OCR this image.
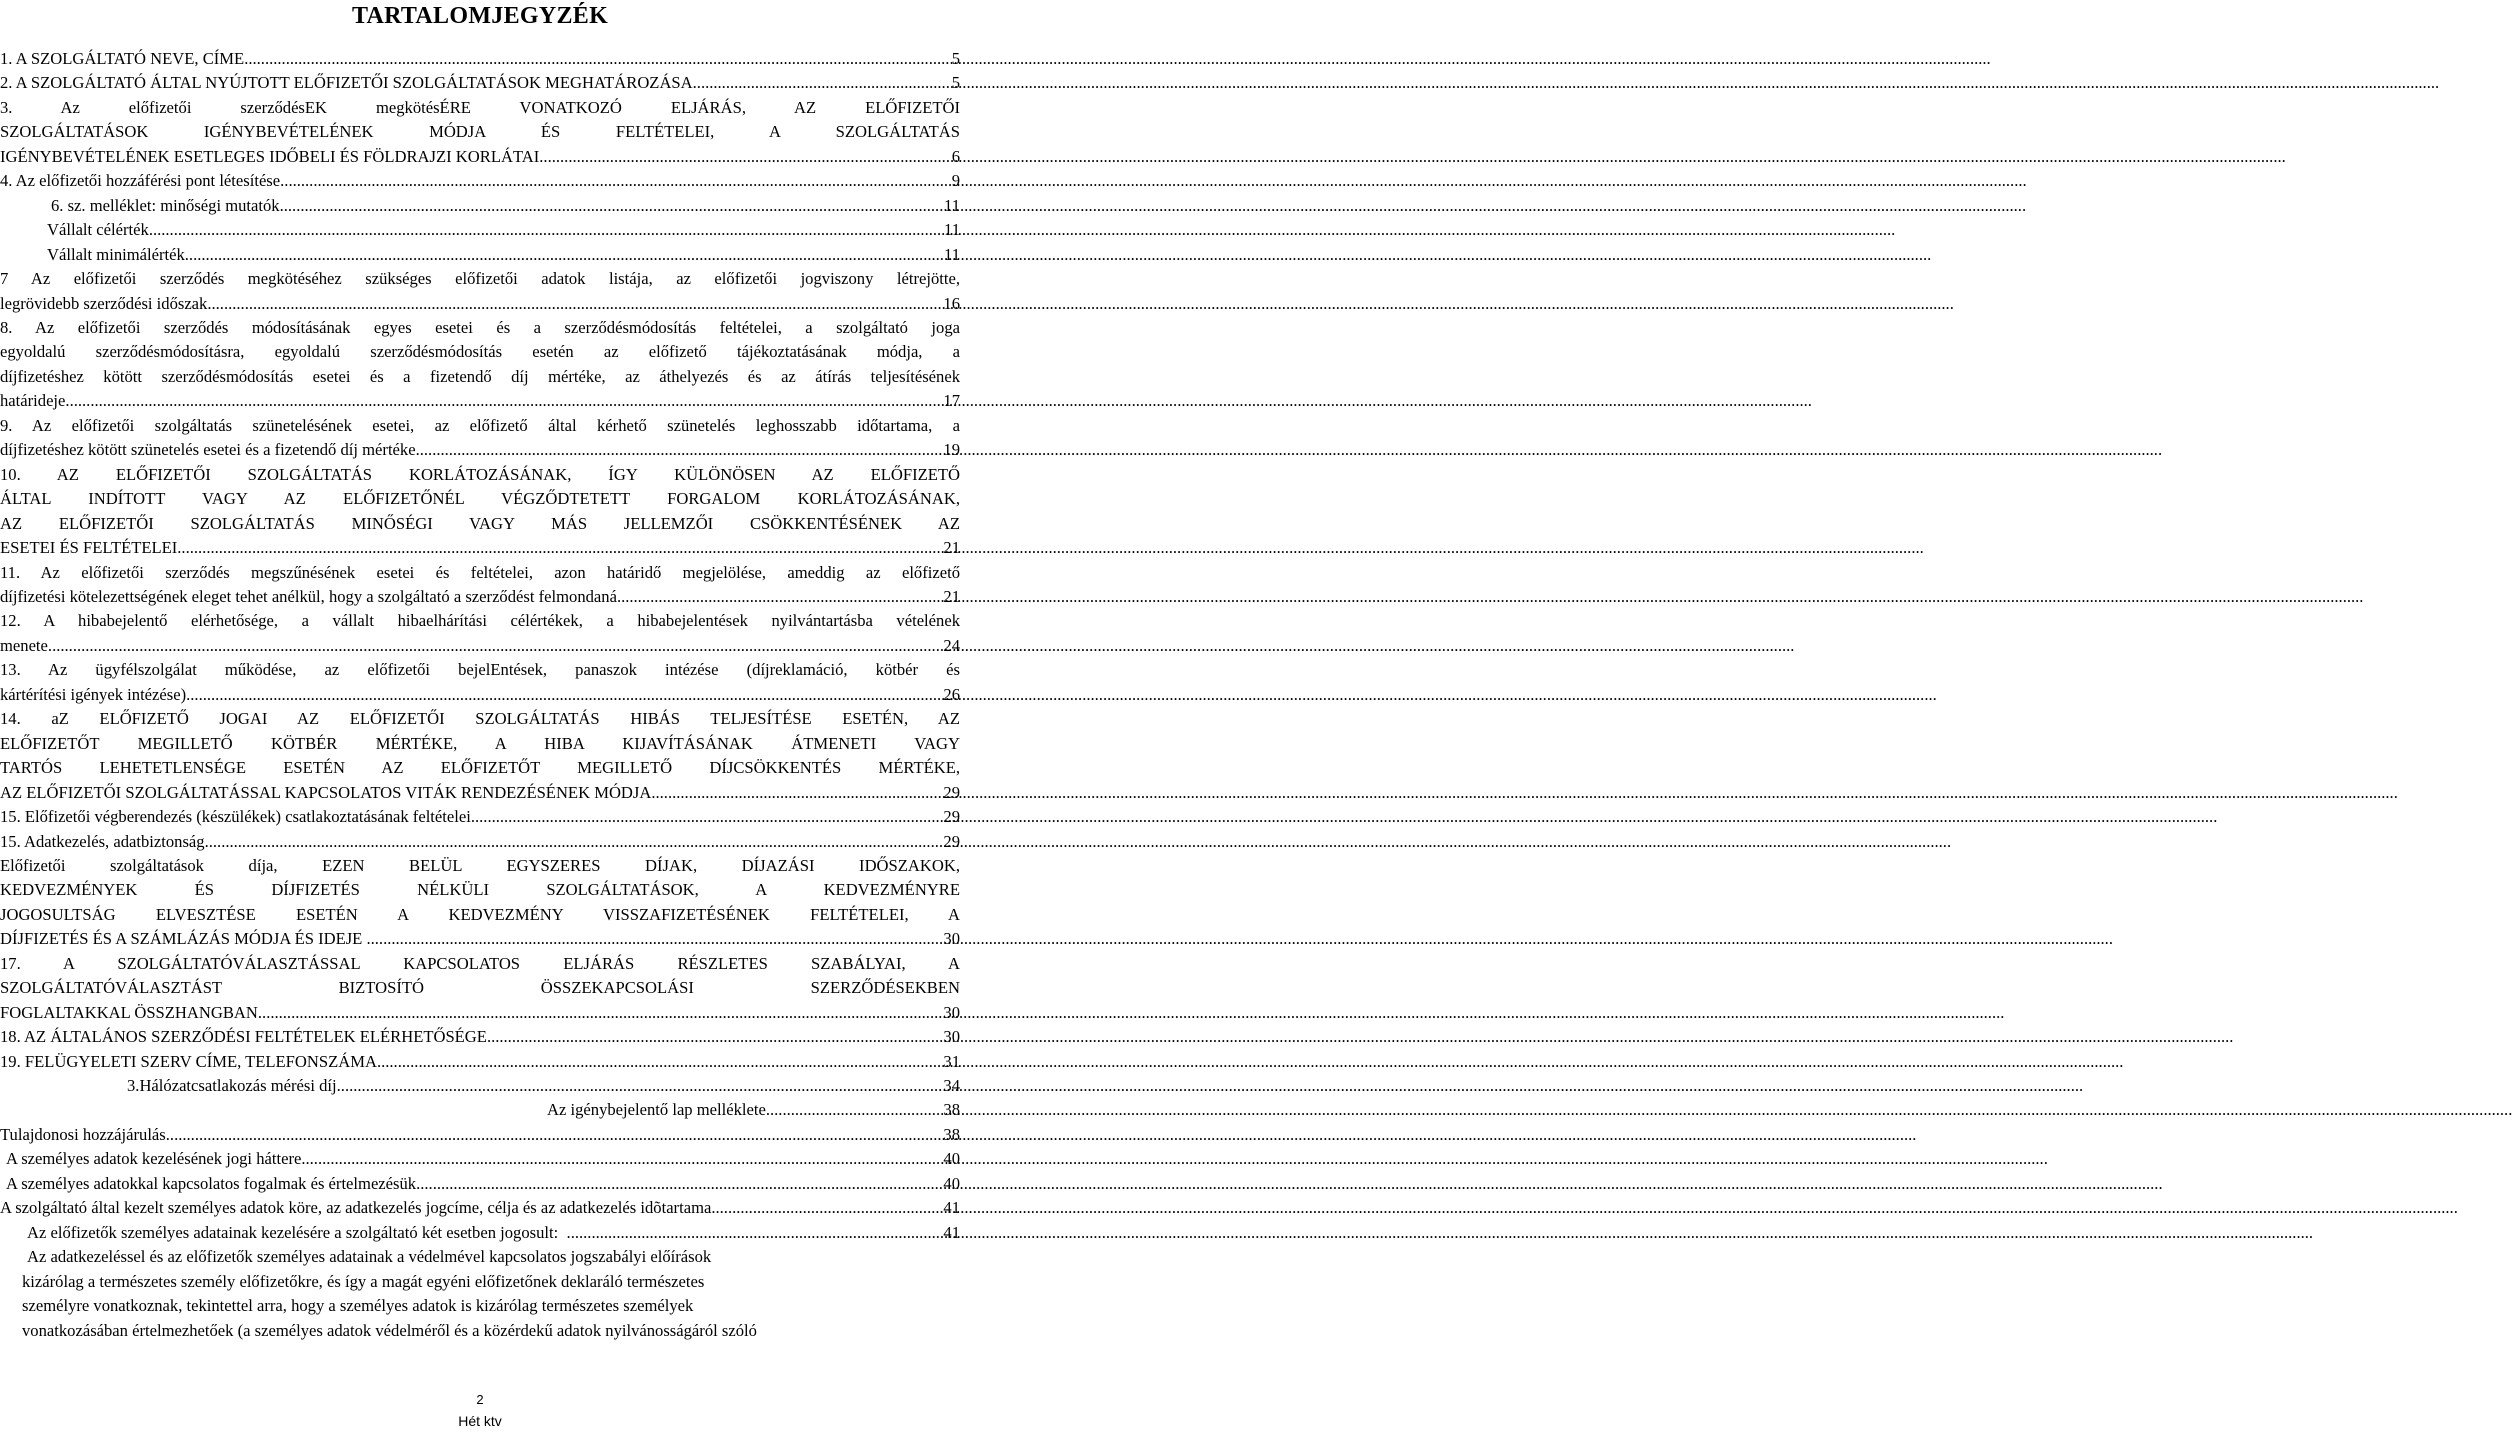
TARTALOMJEGYZÉK
1. A SZOLGÁLTATÓ NEVE, CÍME .....	5
2. A SZOLGÁLTATÓ ÁLTAL NYÚJTOTT ELŐFIZETŐI SZOLGÁLTATÁSOK MEGHATÁROZÁSA .....	5
3. Az előfizetői szerződésEK megkötésÉRE VONATKOZÓ ELJÁRÁS, AZ ELŐFIZETŐI
SZOLGÁLTATÁSOK IGÉNYBEVÉTELÉNEK MÓDJA ÉS FELTÉTELEI, A SZOLGÁLTATÁS
IGÉNYBEVÉTELÉNEK ESETLEGES IDŐBELI ÉS FÖLDRAJZI KORLÁTAI .....	6
4. Az előfizetői hozzáférési pont létesítése .....	9
6. sz. melléklet: minőségi mutatók .....	11
Vállalt célérték .....	11
Vállalt minimálérték .....	11
7 Az előfizetői szerződés megkötéséhez szükséges előfizetői adatok listája, az előfizetői jogviszony létrejötte,
legrövidebb szerződési időszak .....	16
8. Az előfizetői szerződés módosításának egyes esetei és a szerződésmódosítás feltételei, a szolgáltató joga
egyoldalú szerződésmódosításra, egyoldalú szerződésmódosítás esetén az előfizető tájékoztatásának módja, a
díjfizetéshez kötött szerződésmódosítás esetei és a fizetendő díj mértéke, az áthelyezés és az átírás teljesítésének
határideje .....	17
9. Az előfizetői szolgáltatás szünetelésének esetei, az előfizető által kérhető szünetelés leghosszabb időtartama, a
díjfizetéshez kötött szünetelés esetei és a fizetendő díj mértéke .....	19
10. AZ ELŐFIZETŐI SZOLGÁLTATÁS KORLÁTOZÁSÁNAK, ÍGY KÜLÖNÖSEN AZ ELŐFIZETŐ
ÁLTAL INDÍTOTT VAGY AZ ELŐFIZETŐNÉL VÉGZŐDTETETT FORGALOM KORLÁTOZÁSÁNAK,
AZ ELŐFIZETŐI SZOLGÁLTATÁS MINŐSÉGI VAGY MÁS JELLEMZŐI CSÖKKENTÉSÉNEK AZ
ESETEI ÉS FELTÉTELEI .....	21
11. Az előfizetői szerződés megszűnésének esetei és feltételei, azon határidő megjelölése, ameddig az előfizető
díjfizetési kötelezettségének eleget tehet anélkül, hogy a szolgáltató a szerződést felmondaná .....	21
12. A hibabejelentő elérhetősége, a vállalt hibaelhárítási célértékek, a hibabejelentések nyilvántartásba vételének
menete .....	24
13. Az ügyfélszolgálat működése, az előfizetői bejelEntések, panaszok intézése (díjreklamáció, kötbér és
kártérítési igények intézése). .....	26
14. aZ ELŐFIZETŐ JOGAI AZ ELŐFIZETŐI SZOLGÁLTATÁS HIBÁS TELJESÍTÉSE ESETÉN, AZ
ELŐFIZETŐT MEGILLETŐ KÖTBÉR MÉRTÉKE, A HIBA KIJAVÍTÁSÁNAK ÁTMENETI VAGY
TARTÓS LEHETETLENSÉGE ESETÉN AZ ELŐFIZETŐT MEGILLETŐ DÍJCSÖKKENTÉS MÉRTÉKE,
AZ ELŐFIZETŐI SZOLGÁLTATÁSSAL KAPCSOLATOS VITÁK RENDEZÉSÉNEK MÓDJA .....	29
15. Előfizetői végberendezés (készülékek) csatlakoztatásának feltételei .....	29
15. Adatkezelés, adatbiztonság .....	29
Előfizetői szolgáltatások díja, EZEN BELÜL EGYSZERES DÍJAK, DÍJAZÁSI IDŐSZAKOK,
KEDVEZMÉNYEK ÉS DÍJFIZETÉS NÉLKÜLI SZOLGÁLTATÁSOK, A KEDVEZMÉNYRE
JOGOSULTSÁG ELVESZTÉSE ESETÉN A KEDVEZMÉNY VISSZAFIZETÉSÉNEK FELTÉTELEI, A
DÍJFIZETÉS ÉS A SZÁMLÁZÁS MÓDJA ÉS IDEJE .....	30
17. A SZOLGÁLTATÓVÁLASZTÁSSAL KAPCSOLATOS ELJÁRÁS RÉSZLETES SZABÁLYAI, A
SZOLGÁLTATÓVÁLASZTÁST BIZTOSÍTÓ ÖSSZEKAPCSOLÁSI SZERZŐDÉSEKBEN
FOGLALTAKKAL ÖSSZHANGBAN .....	30
18. AZ ÁLTALÁNOS SZERZŐDÉSI FELTÉTELEK ELÉRHETŐSÉGE .....	30
19. FELÜGYELETI SZERV CÍME, TELEFONSZÁMA .....	31
3.Hálózatcsatlakozás mérési díj .....	34
Az igénybejelentő lap melléklete .....	38
Tulajdonosi hozzájárulás. .....	38
A személyes adatok kezelésének jogi háttere .....	40
A személyes adatokkal kapcsolatos fogalmak és értelmezésük .....	40
A szolgáltató által kezelt személyes adatok köre, az adatkezelés jogcíme, célja és az adatkezelés idõtartama .....	41
Az előfizetők személyes adatainak kezelésére a szolgáltató két esetben jogosult: .....	41
Az adatkezeléssel és az előfizetők személyes adatainak a védelmével kapcsolatos jogszabályi előírások
kizárólag a természetes személy előfizetőkre, és így a magát egyéni előfizetőnek deklaráló természetes
személyre vonatkoznak, tekintettel arra, hogy a személyes adatok is kizárólag természetes személyek
vonatkozásában értelmezhetőek (a személyes adatok védelméről és a közérdekű adatok nyilvánosságáról szóló
2
Hét ktv
